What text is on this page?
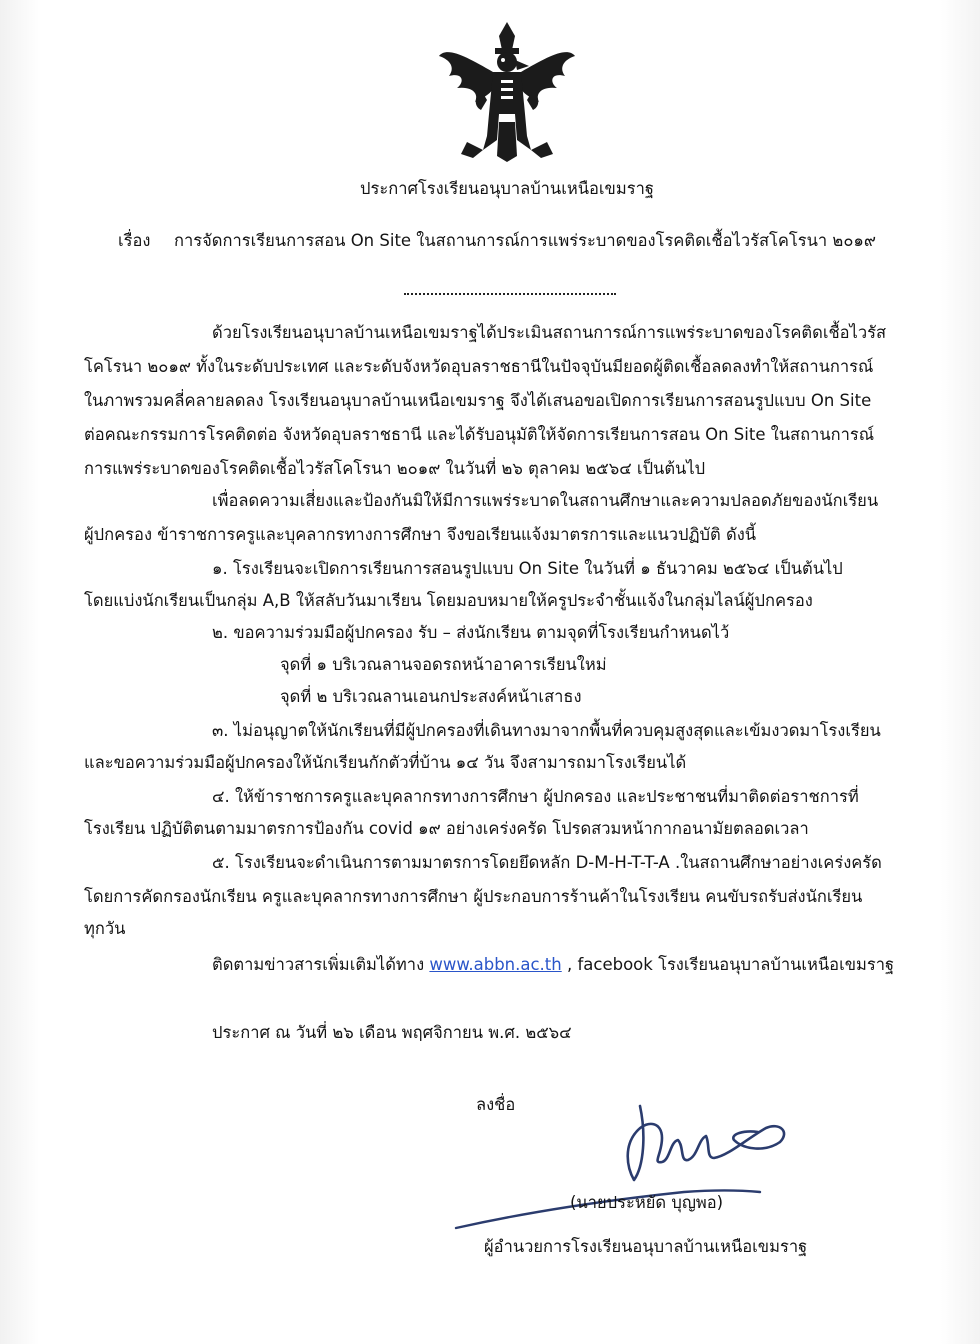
ประกาศโรงเรียนอนุบาลบ้านเหนือเขมราฐ
เรื่อง การจัดการเรียนการสอน On Site ในสถานการณ์การแพร่ระบาดของโรคติดเชื้อไวรัสโคโรนา ๒๐๑๙
ด้วยโรงเรียนอนุบาลบ้านเหนือเขมราฐได้ประเมินสถานการณ์การแพร่ระบาดของโรคติดเชื้อไวรัส
โคโรนา ๒๐๑๙ ทั้งในระดับประเทศ และระดับจังหวัดอุบลราชธานีในปัจจุบันมียอดผู้ติดเชื้อลดลงทำให้สถานการณ์
ในภาพรวมคลี่คลายลดลง โรงเรียนอนุบาลบ้านเหนือเขมราฐ จึงได้เสนอขอเปิดการเรียนการสอนรูปแบบ On Site
ต่อคณะกรรมการโรคติดต่อ จังหวัดอุบลราชธานี และได้รับอนุมัติให้จัดการเรียนการสอน On Site ในสถานการณ์
การแพร่ระบาดของโรคติดเชื้อไวรัสโคโรนา ๒๐๑๙ ในวันที่ ๒๖ ตุลาคม ๒๕๖๔ เป็นต้นไป
เพื่อลดความเสี่ยงและป้องกันมิให้มีการแพร่ระบาดในสถานศึกษาและความปลอดภัยของนักเรียน
ผู้ปกครอง ข้าราชการครูและบุคลากรทางการศึกษา จึงขอเรียนแจ้งมาตรการและแนวปฏิบัติ ดังนี้
๑. โรงเรียนจะเปิดการเรียนการสอนรูปแบบ On Site ในวันที่ ๑ ธันวาคม ๒๕๖๔ เป็นต้นไป
โดยแบ่งนักเรียนเป็นกลุ่ม A,B ให้สลับวันมาเรียน โดยมอบหมายให้ครูประจำชั้นแจ้งในกลุ่มไลน์ผู้ปกครอง
๒. ขอความร่วมมือผู้ปกครอง รับ – ส่งนักเรียน ตามจุดที่โรงเรียนกำหนดไว้
จุดที่ ๑ บริเวณลานจอดรถหน้าอาคารเรียนใหม่
จุดที่ ๒ บริเวณลานเอนกประสงค์หน้าเสาธง
๓. ไม่อนุญาตให้นักเรียนที่มีผู้ปกครองที่เดินทางมาจากพื้นที่ควบคุมสูงสุดและเข้มงวดมาโรงเรียน
และขอความร่วมมือผู้ปกครองให้นักเรียนกักตัวที่บ้าน ๑๔ วัน จึงสามารถมาโรงเรียนได้
๔. ให้ข้าราชการครูและบุคลากรทางการศึกษา ผู้ปกครอง และประชาชนที่มาติดต่อราชการที่
โรงเรียน ปฏิบัติตนตามมาตรการป้องกัน covid ๑๙ อย่างเคร่งครัด โปรดสวมหน้ากากอนามัยตลอดเวลา
๕. โรงเรียนจะดำเนินการตามมาตรการโดยยึดหลัก D-M-H-T-T-A .ในสถานศึกษาอย่างเคร่งครัด
โดยการคัดกรองนักเรียน ครูและบุคลากรทางการศึกษา ผู้ประกอบการร้านค้าในโรงเรียน คนขับรถรับส่งนักเรียน
ทุกวัน
ติดตามข่าวสารเพิ่มเติมได้ทาง www.abbn.ac.th , facebook โรงเรียนอนุบาลบ้านเหนือเขมราฐ
ประกาศ ณ วันที่ ๒๖ เดือน พฤศจิกายน พ.ศ. ๒๕๖๔
ลงชื่อ
(นายประหยัด บุญพอ)
ผู้อำนวยการโรงเรียนอนุบาลบ้านเหนือเขมราฐ
